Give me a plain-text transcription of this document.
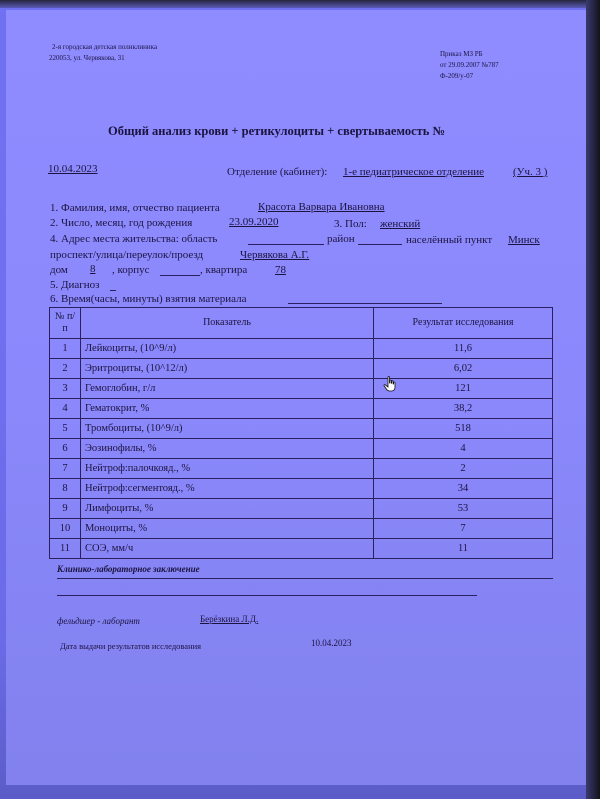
2-я городская детская поликлиника
220053, ул. Червякова, 31	Приказ МЗ РБ
от 29.09.2007 №787
Ф-209/у-07
Общий анализ крови + ретикулоциты + свертываемость №
10.04.2023	Отделение (кабинет): 1-е педиатрическое отделение	(Уч. 3 )
1. Фамилия, имя, отчество пациента	Красота Варвара Ивановна
2. Число, месяц, год рождения	23.09.2020	3. Пол: женский
4. Адрес места жительства: область	район	населённый пункт Минск
проспект/улица/переулок/проезд	Червякова А.Г.
дом 8 , корпус	, квартира	78
5. Диагноз
6. Время(часы, минуты) взятия материала
№ п/п	Показатель	Результат исследования
1	Лейкоциты, (10^9/л)	11,6
2	Эритроциты, (10^12/л)	6,02
3	Гемоглобин, г/л	121
4	Гематокрит, %	38,2
5	Тромбоциты, (10^9/л)	518
6	Эозинофилы, %	4
7	Нейтроф:палочкояд., %	2
8	Нейтроф:сегментояд., %	34
9	Лимфоциты, %	53
10	Моноциты, %	7
11	СОЭ, мм/ч	11
Клинико-лабораторное заключение
фельдшер - лаборант	Берёзкина Л.Д.
Дата выдачи результатов исследования	10.04.2023
